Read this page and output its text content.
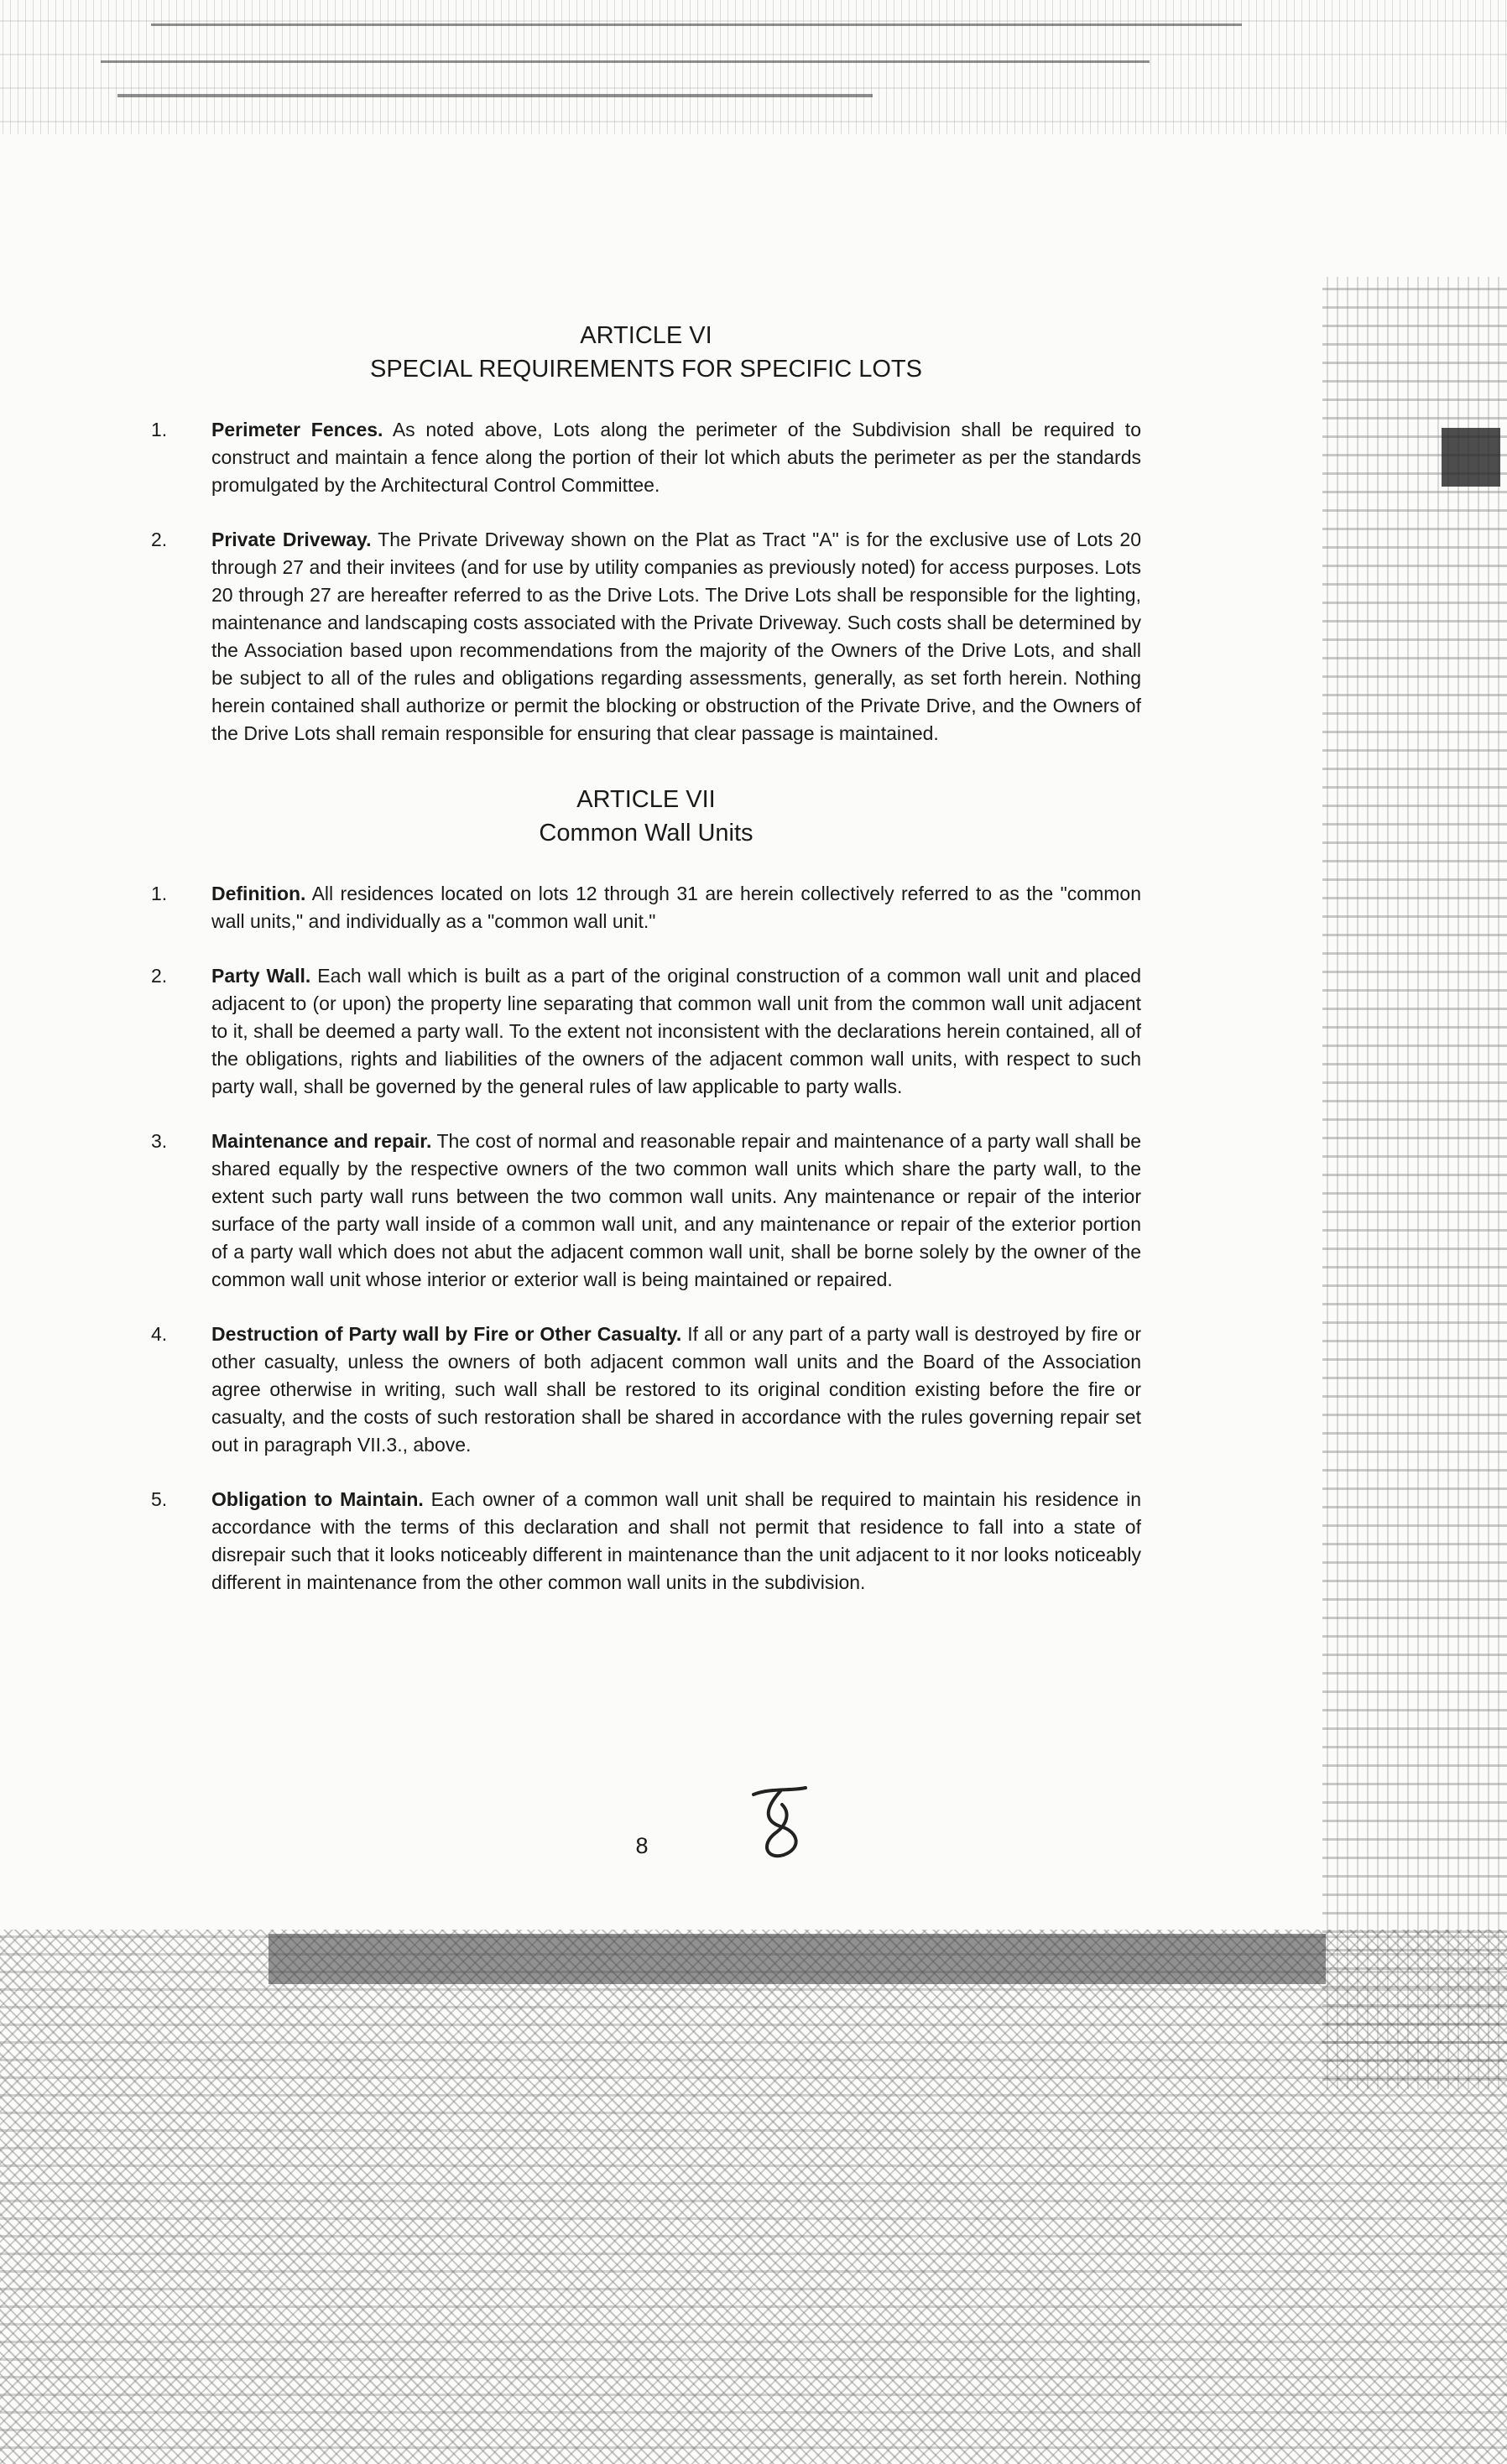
ARTICLE VI
SPECIAL REQUIREMENTS FOR SPECIFIC LOTS
1.	Perimeter Fences. As noted above, Lots along the perimeter of the Subdivision shall be required to construct and maintain a fence along the portion of their lot which abuts the perimeter as per the standards promulgated by the Architectural Control Committee.

2.	Private Driveway. The Private Driveway shown on the Plat as Tract "A" is for the exclusive use of Lots 20 through 27 and their invitees (and for use by utility companies as previously noted) for access purposes. Lots 20 through 27 are hereafter referred to as the Drive Lots. The Drive Lots shall be responsible for the lighting, maintenance and landscaping costs associated with the Private Driveway. Such costs shall be determined by the Association based upon recommendations from the majority of the Owners of the Drive Lots, and shall be subject to all of the rules and obligations regarding assessments, generally, as set forth herein. Nothing herein contained shall authorize or permit the blocking or obstruction of the Private Drive, and the Owners of the Drive Lots shall remain responsible for ensuring that clear passage is maintained.

ARTICLE VII
Common Wall Units
1.	Definition. All residences located on lots 12 through 31 are herein collectively referred to as the "common wall units," and individually as a "common wall unit."

2.	Party Wall. Each wall which is built as a part of the original construction of a common wall unit and placed adjacent to (or upon) the property line separating that common wall unit from the common wall unit adjacent to it, shall be deemed a party wall. To the extent not inconsistent with the declarations herein contained, all of the obligations, rights and liabilities of the owners of the adjacent common wall units, with respect to such party wall, shall be governed by the general rules of law applicable to party walls.

3.	Maintenance and repair. The cost of normal and reasonable repair and maintenance of a party wall shall be shared equally by the respective owners of the two common wall units which share the party wall, to the extent such party wall runs between the two common wall units. Any maintenance or repair of the interior surface of the party wall inside of a common wall unit, and any maintenance or repair of the exterior portion of a party wall which does not abut the adjacent common wall unit, shall be borne solely by the owner of the common wall unit whose interior or exterior wall is being maintained or repaired.

4.	Destruction of Party wall by Fire or Other Casualty. If all or any part of a party wall is destroyed by fire or other casualty, unless the owners of both adjacent common wall units and the Board of the Association agree otherwise in writing, such wall shall be restored to its original condition existing before the fire or casualty, and the costs of such restoration shall be shared in accordance with the rules governing repair set out in paragraph VII.3., above.

5.	Obligation to Maintain. Each owner of a common wall unit shall be required to maintain his residence in accordance with the terms of this declaration and shall not permit that residence to fall into a state of disrepair such that it looks noticeably different in maintenance than the unit adjacent to it nor looks noticeably different in maintenance from the other common wall units in the subdivision.

8
